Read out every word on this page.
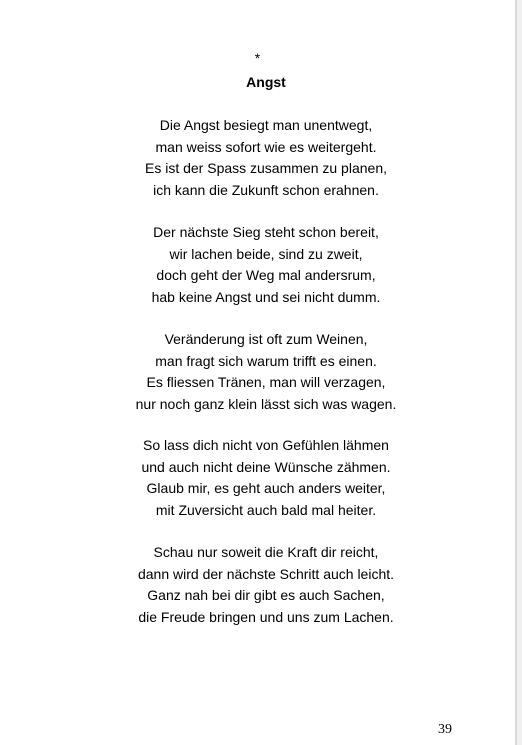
*
Angst
Die Angst besiegt man unentwegt,
man weiss sofort wie es weitergeht.
Es ist der Spass zusammen zu planen,
ich kann die Zukunft schon erahnen.
Der nächste Sieg steht schon bereit,
wir lachen beide, sind zu zweit,
doch geht der Weg mal andersrum,
hab keine Angst und sei nicht dumm.
Veränderung ist oft zum Weinen,
man fragt sich warum trifft es einen.
Es fliessen Tränen, man will verzagen,
nur noch ganz klein lässt sich was wagen.
So lass dich nicht von Gefühlen lähmen
und auch nicht deine Wünsche zähmen.
Glaub mir, es geht auch anders weiter,
mit Zuversicht auch bald mal heiter.
Schau nur soweit die Kraft dir reicht,
dann wird der nächste Schritt auch leicht.
Ganz nah bei dir gibt es auch Sachen,
die Freude bringen und uns zum Lachen.
39
